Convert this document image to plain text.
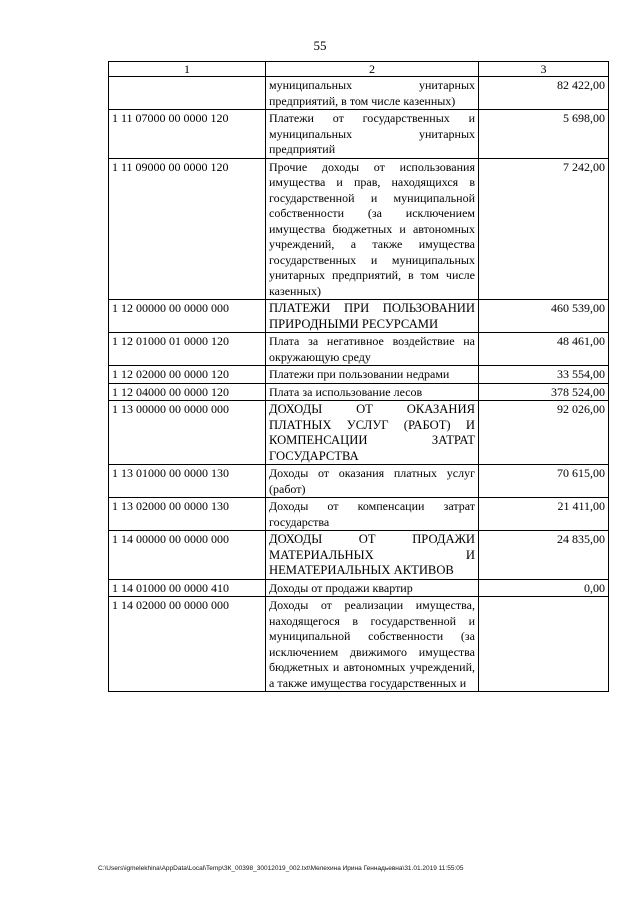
55
1	2	3
	муниципальных унитарных предприятий, в том числе казенных)	82 422,00
1 11 07000 00 0000 120	Платежи от государственных и муниципальных унитарных предприятий	5 698,00
1 11 09000 00 0000 120	Прочие доходы от использования имущества и прав, находящихся в государственной и муниципальной собственности (за исключением имущества бюджетных и автономных учреждений, а также имущества государственных и муниципальных унитарных предприятий, в том числе казенных)	7 242,00
1 12 00000 00 0000 000	ПЛАТЕЖИ ПРИ ПОЛЬЗОВАНИИ ПРИРОДНЫМИ РЕСУРСАМИ	460 539,00
1 12 01000 01 0000 120	Плата за негативное воздействие на окружающую среду	48 461,00
1 12 02000 00 0000 120	Платежи при пользовании недрами	33 554,00
1 12 04000 00 0000 120	Плата за использование лесов	378 524,00
1 13 00000 00 0000 000	ДОХОДЫ ОТ ОКАЗАНИЯ ПЛАТНЫХ УСЛУГ (РАБОТ) И КОМПЕНСАЦИИ ЗАТРАТ ГОСУДАРСТВА	92 026,00
1 13 01000 00 0000 130	Доходы от оказания платных услуг (работ)	70 615,00
1 13 02000 00 0000 130	Доходы от компенсации затрат государства	21 411,00
1 14 00000 00 0000 000	ДОХОДЫ ОТ ПРОДАЖИ МАТЕРИАЛЬНЫХ И НЕМАТЕРИАЛЬНЫХ АКТИВОВ	24 835,00
1 14 01000 00 0000 410	Доходы от продажи квартир	0,00
1 14 02000 00 0000 000	Доходы от реализации имущества, находящегося в государственной и муниципальной собственности (за исключением движимого имущества бюджетных и автономных учреждений, а также имущества государственных и	
C:\Users\igmelekhina\AppData\Local\Temp\ЗК_00398_30012019_002.txt\Мелехина Ирина Геннадьевна\31.01.2019 11:55:05
